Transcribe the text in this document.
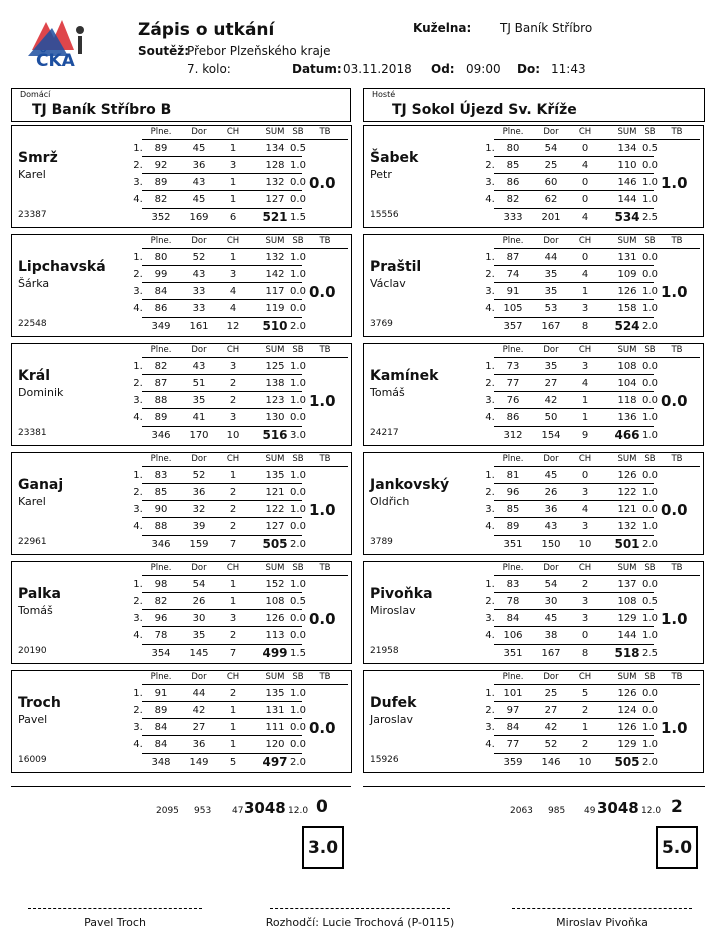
ČKA
Zápis o utkání
Soutěž:
Přebor Plzeňského kraje
7. kolo:
Kuželna: TJ Baník Stříbro
Datum: 03.11.2018 Od: 09:00 Do: 11:43
Domácí
TJ Baník Stříbro B
Hosté
TJ Sokol Újezd Sv. Kříže
Smrž
Karel
23387
0.0
Plne.	Dor	CH	SUM SB	TB
1.	89	45	1	134 0.5
2.	92	36	3	128 1.0
3.	89	43	1	132 0.0
4.	82	45	1	127 0.0
352	169	6	521 1.5
Lipchavská
Šárka
22548
0.0
Plne.	Dor	CH	SUM SB	TB
1.	80	52	1	132 1.0
2.	99	43	3	142 1.0
3.	84	33	4	117 0.0
4.	86	33	4	119 0.0
349	161	12	510 2.0
Král
Dominik
23381
1.0
Plne.	Dor	CH	SUM SB	TB
1.	82	43	3	125 1.0
2.	87	51	2	138 1.0
3.	88	35	2	123 1.0
4.	89	41	3	130 0.0
346	170	10	516 3.0
Ganaj
Karel
22961
1.0
Plne.	Dor	CH	SUM SB	TB
1.	83	52	1	135 1.0
2.	85	36	2	121 0.0
3.	90	32	2	122 1.0
4.	88	39	2	127 0.0
346	159	7	505 2.0
Palka
Tomáš
20190
0.0
Plne.	Dor	CH	SUM SB	TB
1.	98	54	1	152 1.0
2.	82	26	1	108 0.5
3.	96	30	3	126 0.0
4.	78	35	2	113 0.0
354	145	7	499 1.5
Troch
Pavel
16009
0.0
Plne.	Dor	CH	SUM SB	TB
1.	91	44	2	135 1.0
2.	89	42	1	131 1.0
3.	84	27	1	111 0.0
4.	84	36	1	120 0.0
348	149	5	497 2.0
Šabek
Petr
15556
1.0
Plne.	Dor	CH	SUM SB	TB
1.	80	54	0	134 0.5
2.	85	25	4	110 0.0
3.	86	60	0	146 1.0
4.	82	62	0	144 1.0
333	201	4	534 2.5
Praštil
Václav
3769
1.0
Plne.	Dor	CH	SUM SB	TB
1.	87	44	0	131 0.0
2.	74	35	4	109 0.0
3.	91	35	1	126 1.0
4. 105	53	3	158 1.0
357	167	8	524 2.0
Kamínek
Tomáš
24217
0.0
Plne.	Dor	CH	SUM SB	TB
1.	73	35	3	108 0.0
2.	77	27	4	104 0.0
3.	76	42	1	118 0.0
4.	86	50	1	136 1.0
312	154	9	466 1.0
Jankovský
Oldřich
3789
0.0
Plne.	Dor	CH	SUM SB	TB
1.	81	45	0	126 0.0
2.	96	26	3	122 1.0
3.	85	36	4	121 0.0
4.	89	43	3	132 1.0
351	150	10	501 2.0
Pivoňka
Miroslav
21958
1.0
Plne.	Dor	CH	SUM SB	TB
1.	83	54	2	137 0.0
2.	78	30	3	108 0.5
3.	84	45	3	129 1.0
4. 106	38	0	144 1.0
351	167	8	518 2.5
Dufek
Jaroslav
15926
1.0
Plne.	Dor	CH	SUM SB	TB
1. 101	25	5	126 0.0
2.	97	27	2	124 0.0
3.	84	42	1	126 1.0
4.	77	52	2	129 1.0
359	146	10	505 2.0
2095 953 47 3048 12.0 0
3.0
2063 985 49 3048 12.0 2
5.0
Pavel Troch	Rozhodčí: Lucie Trochová (P-0115)	Miroslav Pivoňka
